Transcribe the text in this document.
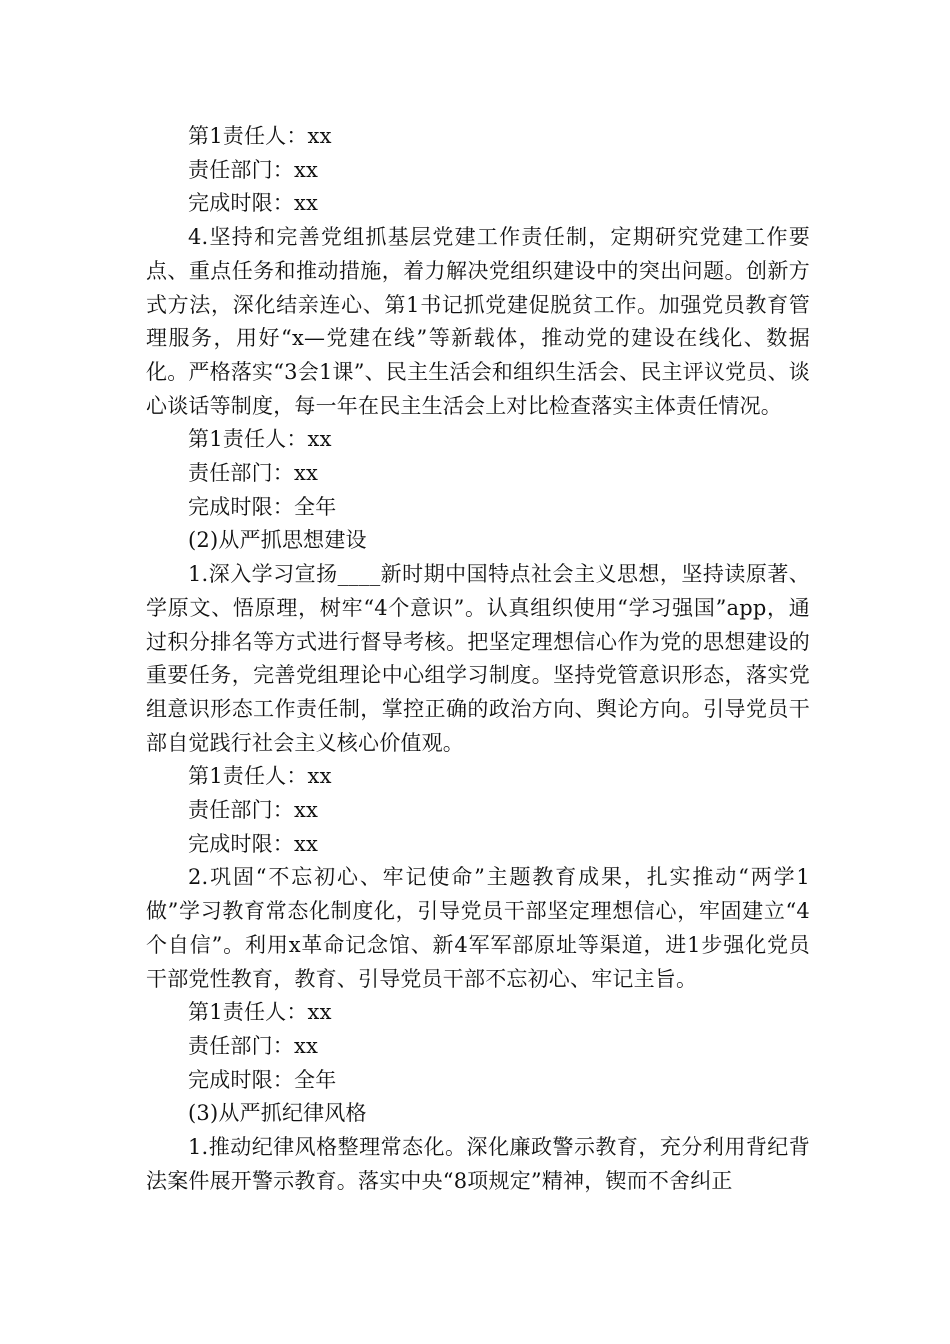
第1责任人：xx

责任部门：xx

完成时限：xx

4.坚持和完善党组抓基层党建工作责任制，定期研究党建工作要点、重点任务和推动措施，着力解决党组织建设中的突出问题。创新方式方法，深化结亲连心、第1书记抓党建促脱贫工作。加强党员教育管理服务，用好“x—党建在线”等新载体，推动党的建设在线化、数据化。严格落实“3会1课”、民主生活会和组织生活会、民主评议党员、谈心谈话等制度，每一年在民主生活会上对比检查落实主体责任情况。

第1责任人：xx

责任部门：xx

完成时限：全年

(2)从严抓思想建设

1.深入学习宣扬____新时期中国特点社会主义思想，坚持读原著、学原文、悟原理，树牢“4个意识”。认真组织使用“学习强国”app，通过积分排名等方式进行督导考核。把坚定理想信心作为党的思想建设的重要任务，完善党组理论中心组学习制度。坚持党管意识形态，落实党组意识形态工作责任制，掌控正确的政治方向、舆论方向。引导党员干部自觉践行社会主义核心价值观。

第1责任人：xx

责任部门：xx

完成时限：xx

2.巩固“不忘初心、牢记使命”主题教育成果，扎实推动“两学1做”学习教育常态化制度化，引导党员干部坚定理想信心，牢固建立“4个自信”。利用x革命记念馆、新4军军部原址等渠道，进1步强化党员干部党性教育，教育、引导党员干部不忘初心、牢记主旨。

第1责任人：xx

责任部门：xx

完成时限：全年

(3)从严抓纪律风格

1.推动纪律风格整理常态化。深化廉政警示教育，充分利用背纪背法案件展开警示教育。落实中央“8项规定”精神，锲而不舍纠正
